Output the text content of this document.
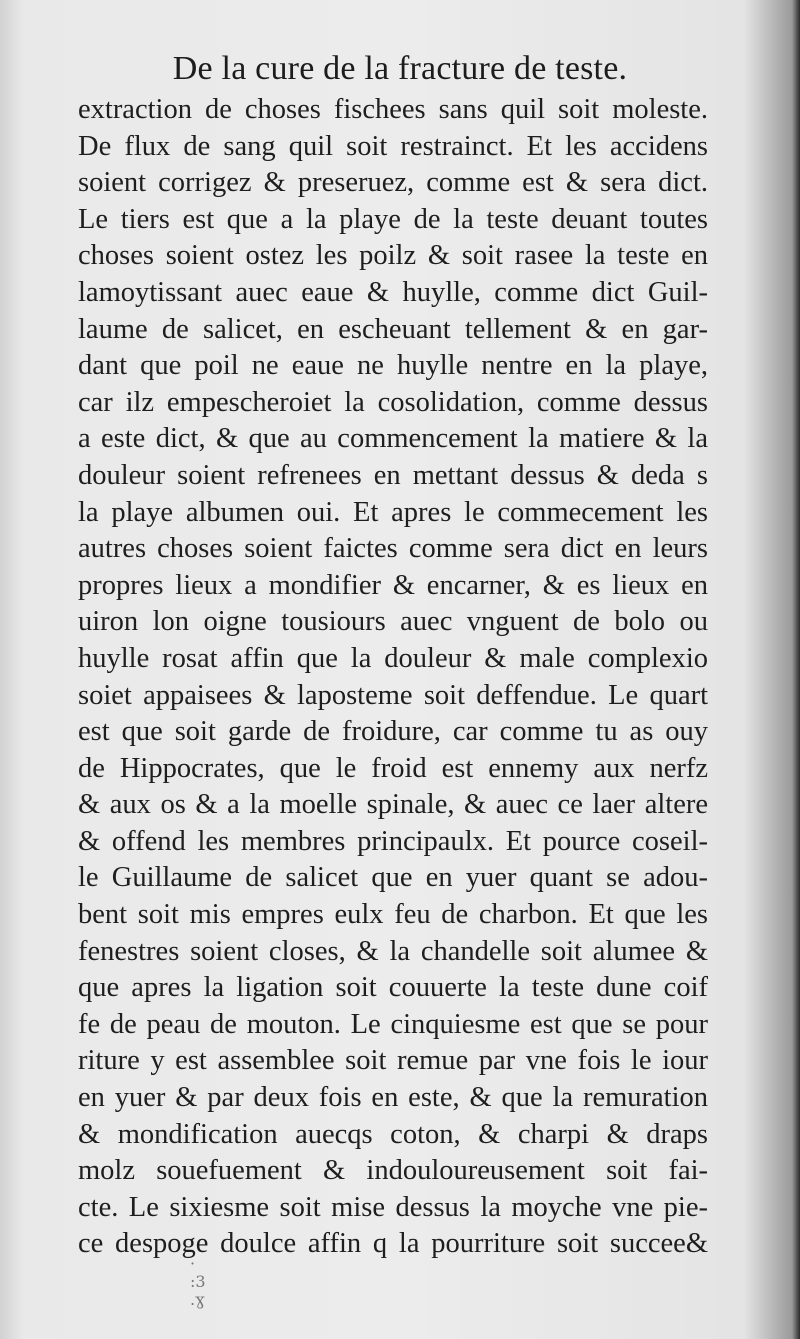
De la cure de la fracture de teste.
extraction de choses fischees sans quil soit moleste.
De flux de sang quil soit restrainct. Et les accidens
soient corrigez & preseruez, comme est & sera dict.
Le tiers est que a la playe de la teste deuant toutes
choses soient ostez les poilz & soit rasee la teste en
lamoytissant auec eaue & huylle, comme dict Guil-
laume de salicet, en escheuant tellement & en gar-
dant que poil ne eaue ne huylle nentre en la playe,
car ilz empescheroiet la cosolidation, comme dessus
a este dict, & que au commencement la matiere & la
douleur soient refrenees en mettant dessus & deda s
la playe albumen oui. Et apres le commecement les
autres choses soient faictes comme sera dict en leurs
propres lieux a mondifier & encarner, & es lieux en
uiron lon oigne tousiours auec vnguent de bolo ou
huylle rosat affin que la douleur & male complexio
soiet appaisees & laposteme soit deffendue. Le quart
est que soit garde de froidure, car comme tu as ouy
de Hippocrates, que le froid est ennemy aux nerfz
& aux os & a la moelle spinale, & auec ce laer altere
& offend les membres principaulx. Et pource coseil-
le Guillaume de salicet que en yuer quant se adou-
bent soit mis empres eulx feu de charbon. Et que les
fenestres soient closes, & la chandelle soit alumee &
que apres la ligation soit couuerte la teste dune coif
fe de peau de mouton. Le cinquiesme est que se pour
riture y est assemblee soit remue par vne fois le iour
en yuer & par deux fois en este, & que la remuration
& mondification auecqs coton, & charpi & draps
molz souefuement & indouloureusement soit fai-
cte. Le sixiesme soit mise dessus la moyche vne pie-
ce despoge doulce affin q la pourriture soit succee&
·
:3
.ɣ
